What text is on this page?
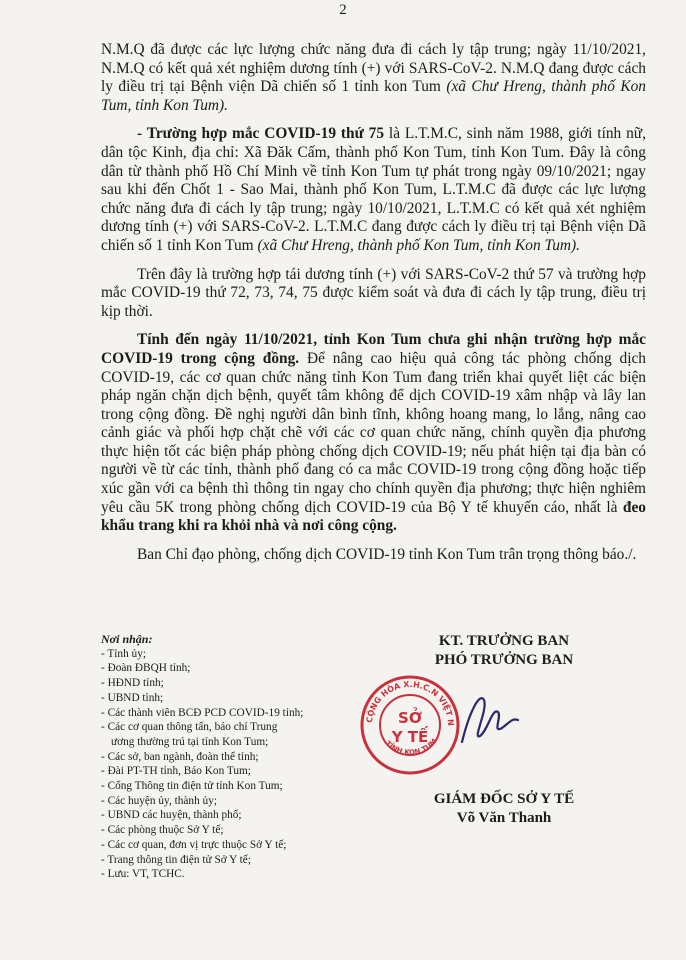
2

N.M.Q đã được các lực lượng chức năng đưa đi cách ly tập trung; ngày 11/10/2021, N.M.Q có kết quả xét nghiệm dương tính (+) với SARS-CoV-2. N.M.Q đang được cách ly điều trị tại Bệnh viện Dã chiến số 1 tỉnh kon Tum (xã Chư Hreng, thành phố Kon Tum, tỉnh Kon Tum).

- Trường hợp mắc COVID-19 thứ 75 là L.T.M.C, sinh năm 1988, giới tính nữ, dân tộc Kinh, địa chỉ: Xã Đăk Cấm, thành phố Kon Tum, tỉnh Kon Tum. Đây là công dân từ thành phố Hồ Chí Minh về tỉnh Kon Tum tự phát trong ngày 09/10/2021; ngay sau khi đến Chốt 1 - Sao Mai, thành phố Kon Tum, L.T.M.C đã được các lực lượng chức năng đưa đi cách ly tập trung; ngày 10/10/2021, L.T.M.C có kết quả xét nghiệm dương tính (+) với SARS-CoV-2. L.T.M.C đang được cách ly điều trị tại Bệnh viện Dã chiến số 1 tỉnh Kon Tum (xã Chư Hreng, thành phố Kon Tum, tỉnh Kon Tum).

Trên đây là trường hợp tái dương tính (+) với SARS-CoV-2 thứ 57 và trường hợp mắc COVID-19 thứ 72, 73, 74, 75 được kiểm soát và đưa đi cách ly tập trung, điều trị kịp thời.

Tính đến ngày 11/10/2021, tỉnh Kon Tum chưa ghi nhận trường hợp mắc COVID-19 trong cộng đồng. Để nâng cao hiệu quả công tác phòng chống dịch COVID-19, các cơ quan chức năng tỉnh Kon Tum đang triển khai quyết liệt các biện pháp ngăn chặn dịch bệnh, quyết tâm không để dịch COVID-19 xâm nhập và lây lan trong cộng đồng. Đề nghị người dân bình tĩnh, không hoang mang, lo lắng, nâng cao cảnh giác và phối hợp chặt chẽ với các cơ quan chức năng, chính quyền địa phương thực hiện tốt các biện pháp phòng chống dịch COVID-19; nếu phát hiện tại địa bàn có người về từ các tỉnh, thành phố đang có ca mắc COVID-19 trong cộng đồng hoặc tiếp xúc gần với ca bệnh thì thông tin ngay cho chính quyền địa phương; thực hiện nghiêm yêu cầu 5K trong phòng chống dịch COVID-19 của Bộ Y tế khuyến cáo, nhất là đeo khẩu trang khi ra khỏi nhà và nơi công cộng.

Ban Chỉ đạo phòng, chống dịch COVID-19 tỉnh Kon Tum trân trọng thông báo./.

Nơi nhận:
- Tỉnh ủy;
- Đoàn ĐBQH tỉnh;
- HĐND tỉnh;
- UBND tỉnh;
- Các thành viên BCĐ PCD COVID-19 tỉnh;
- Các cơ quan thông tấn, báo chí Trung
ương thường trú tại tỉnh Kon Tum;
- Các sở, ban ngành, đoàn thể tỉnh;
- Đài PT-TH tỉnh, Báo Kon Tum;
- Cổng Thông tin điện tử tỉnh Kon Tum;
- Các huyện ủy, thành ủy;
- UBND các huyện, thành phố;
- Các phòng thuộc Sở Y tế;
- Các cơ quan, đơn vị trực thuộc Sở Y tế;
- Trang thông tin điện tử Sở Y tế;
- Lưu: VT, TCHC.
KT. TRƯỞNG BAN
PHÓ TRƯỞNG BAN
CỘNG HÒA X.H.C.N VIỆT N
TỈNH KON TUM
SỞ
Y TẾ
GIÁM ĐỐC SỞ Y TẾ
Võ Văn Thanh
